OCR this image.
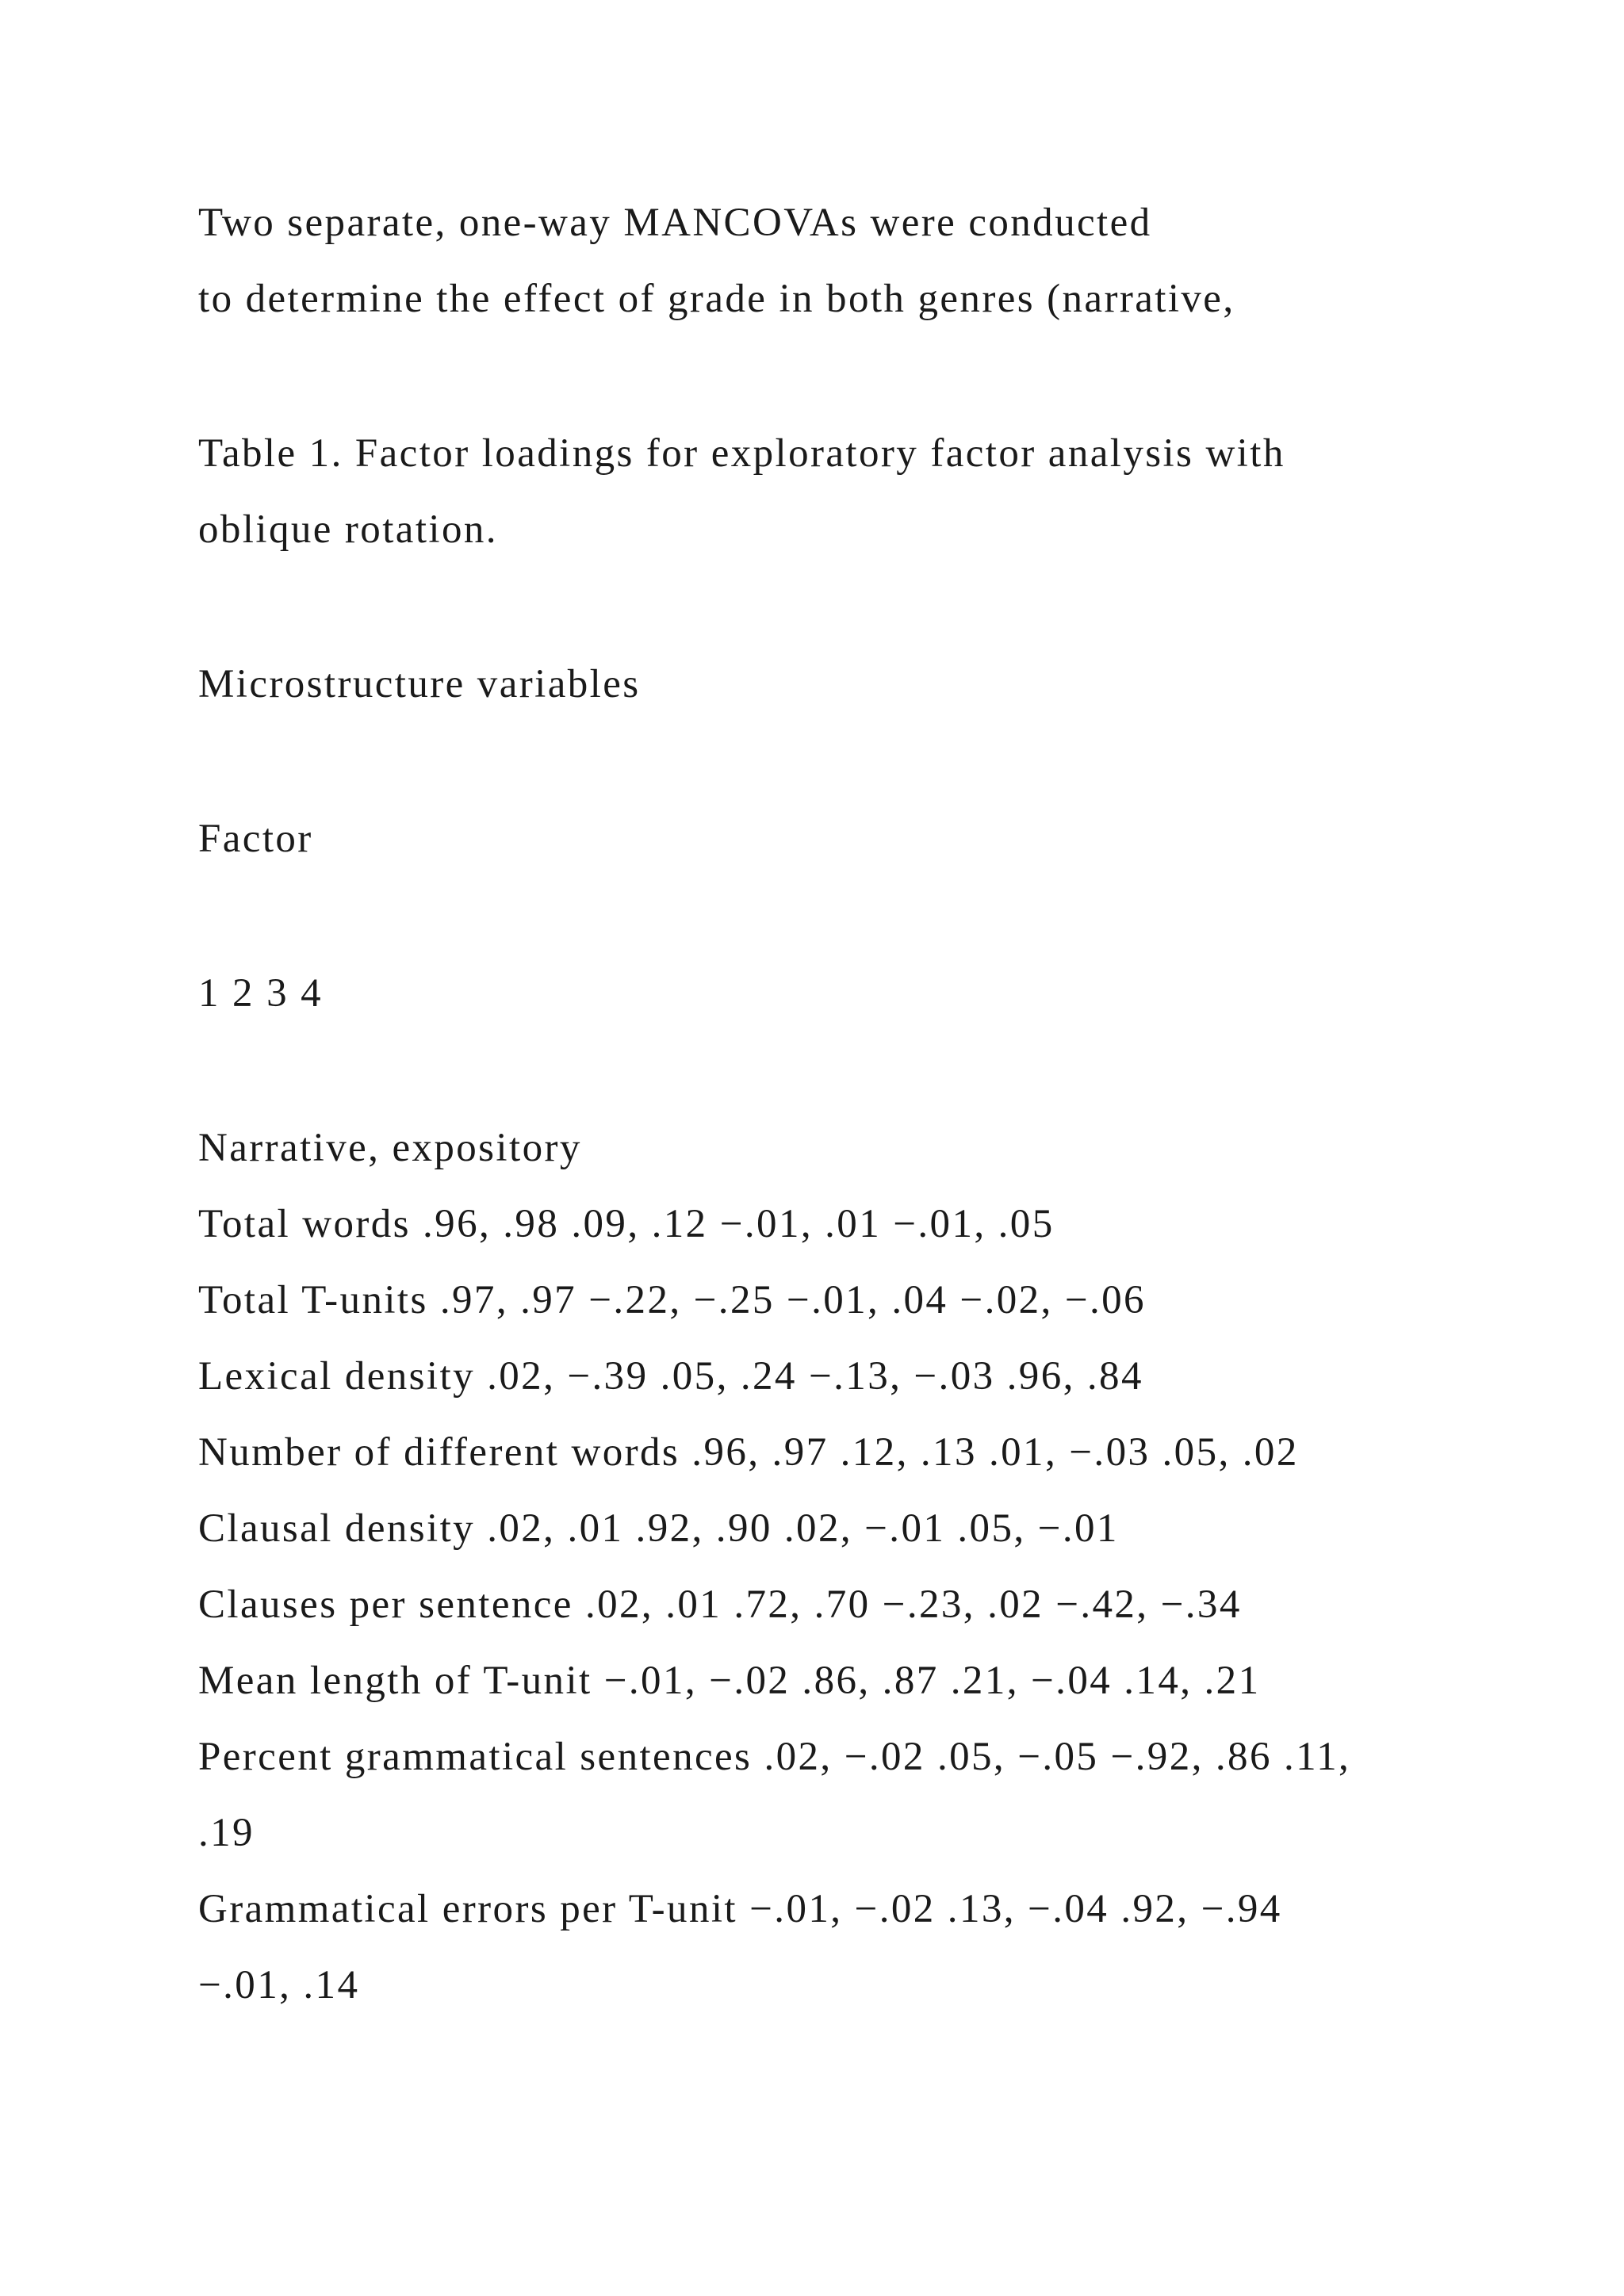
Two separate, one-way MANCOVAs were conducted
to determine the effect of grade in both genres (narrative,
Table 1. Factor loadings for exploratory factor analysis with
oblique rotation.
Microstructure variables
Factor
1 2 3 4
Narrative, expository
Total words .96, .98 .09, .12 −.01, .01 −.01, .05
Total T-units .97, .97 −.22, −.25 −.01, .04 −.02, −.06
Lexical density .02, −.39 .05, .24 −.13, −.03 .96, .84
Number of different words .96, .97 .12, .13 .01, −.03 .05, .02
Clausal density .02, .01 .92, .90 .02, −.01 .05, −.01
Clauses per sentence .02, .01 .72, .70 −.23, .02 −.42, −.34
Mean length of T-unit −.01, −.02 .86, .87 .21, −.04 .14, .21
Percent grammatical sentences .02, −.02 .05, −.05 −.92, .86 .11,
.19
Grammatical errors per T-unit −.01, −.02 .13, −.04 .92, −.94
−.01, .14
